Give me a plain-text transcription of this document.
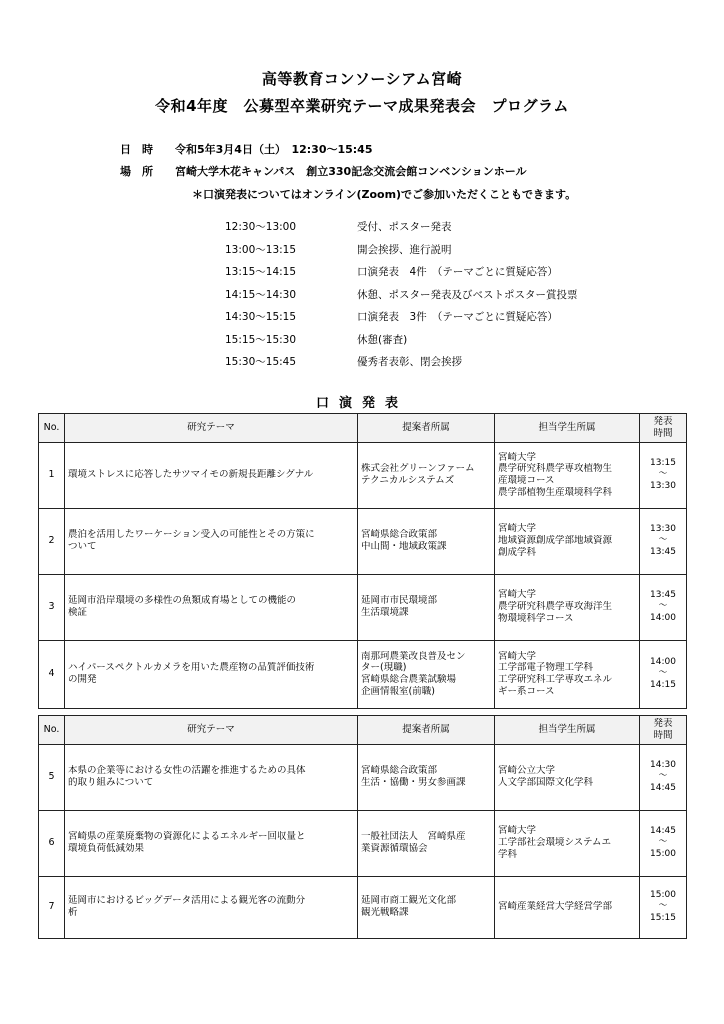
高等教育コンソーシアム宮崎
令和4年度　公募型卒業研究テーマ成果発表会　プログラム
日　時 令和5年3月4日（土）　12:30～15:45
場　所 宮崎大学木花キャンパス　創立330記念交流会館コンベンションホール
＊口演発表についてはオンライン(Zoom)でご参加いただくこともできます。
12:30～13:00	受付、ポスター発表
13:00～13:15	開会挨拶、進行説明
13:15～14:15	口演発表　4件　（テーマごとに質疑応答）
14:15～14:30	休憩、ポスター発表及びベストポスター賞投票
14:30～15:15	口演発表　3件　（テーマごとに質疑応答）
15:15～15:30	休憩(審査)
15:30～15:45	優秀者表彰、閉会挨拶
口演発表
No.	研究テーマ	提案者所属	担当学生所属	発表
時間

1	環境ストレスに応答したサツマイモの新規長距離シグナル	株式会社グリーンファーム
テクニカルシステムズ	宮崎大学
農学研究科農学専攻植物生
産環境コース
農学部植物生産環境科学科	13:15
～
13:30

2	農泊を活用したワーケーション受入の可能性とその方策に
ついて	宮崎県総合政策部
中山間・地域政策課	宮崎大学
地域資源創成学部地域資源
創成学科	13:30
～
13:45

3	延岡市沿岸環境の多様性の魚類成育場としての機能の
検証	延岡市市民環境部
生活環境課	宮崎大学
農学研究科農学専攻海洋生
物環境科学コース	13:45
～
14:00

4	ハイパースペクトルカメラを用いた農産物の品質評価技術
の開発	南那珂農業改良普及セン
ター(現職)
宮崎県総合農業試験場
企画情報室(前職)	宮崎大学
工学部電子物理工学科
工学研究科工学専攻エネル
ギー系コース	14:00
～
14:15
No.	研究テーマ	提案者所属	担当学生所属	発表
時間

5	本県の企業等における女性の活躍を推進するための具体
的取り組みについて	宮崎県総合政策部
生活・協働・男女参画課	宮崎公立大学
人文学部国際文化学科	14:30
～
14:45

6	宮崎県の産業廃棄物の資源化によるエネルギー回収量と
環境負荷低減効果	一般社団法人　宮崎県産
業資源循環協会	宮崎大学
工学部社会環境システムエ
学科	14:45
～
15:00

7	延岡市におけるビッグデータ活用による観光客の流動分
析	延岡市商工観光文化部
観光戦略課	宮崎産業経営大学経営学部	15:00
～
15:15
